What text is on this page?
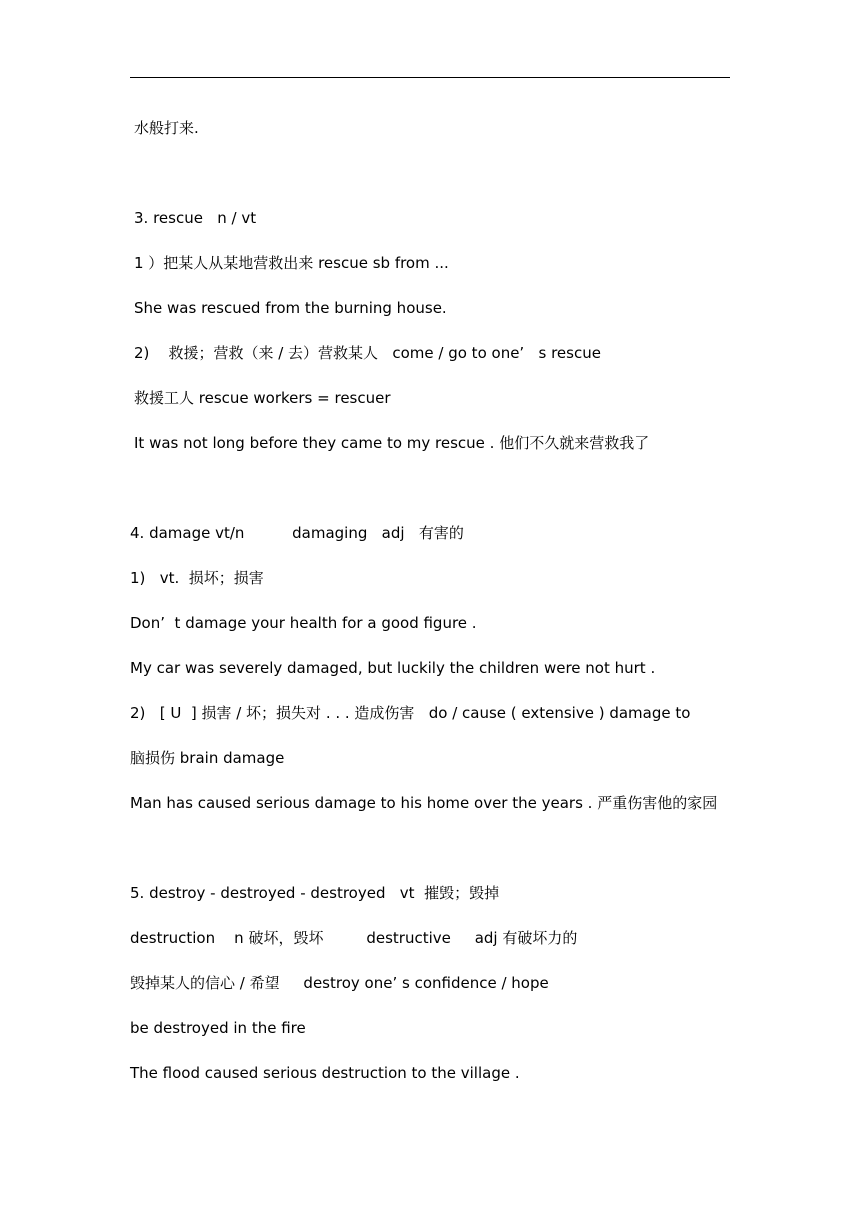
水般打来.
3. rescue   n / vt
1 ）把某人从某地营救出来 rescue sb from ...
She was rescued from the burning house.
2)    救援；营救（来 / 去）营救某人   come / go to one’   s rescue
救援工人 rescue workers = rescuer
It was not long before they came to my rescue . 他们不久就来营救我了
4. damage vt/n          damaging   adj   有害的
1)   vt.  损坏；损害
Don’  t damage your health for a good figure .
My car was severely damaged, but luckily the children were not hurt .
2)   [ U  ] 损害 / 坏；损失对 . . . 造成伤害   do / cause ( extensive ) damage to
脑损伤 brain damage
Man has caused serious damage to his home over the years . 严重伤害他的家园
5. destroy - destroyed - destroyed   vt  摧毁；毁掉
destruction    n 破坏，毁坏         destructive     adj 有破坏力的
毁掉某人的信心 / 希望     destroy one’ s confidence / hope
be destroyed in the fire
The flood caused serious destruction to the village .
